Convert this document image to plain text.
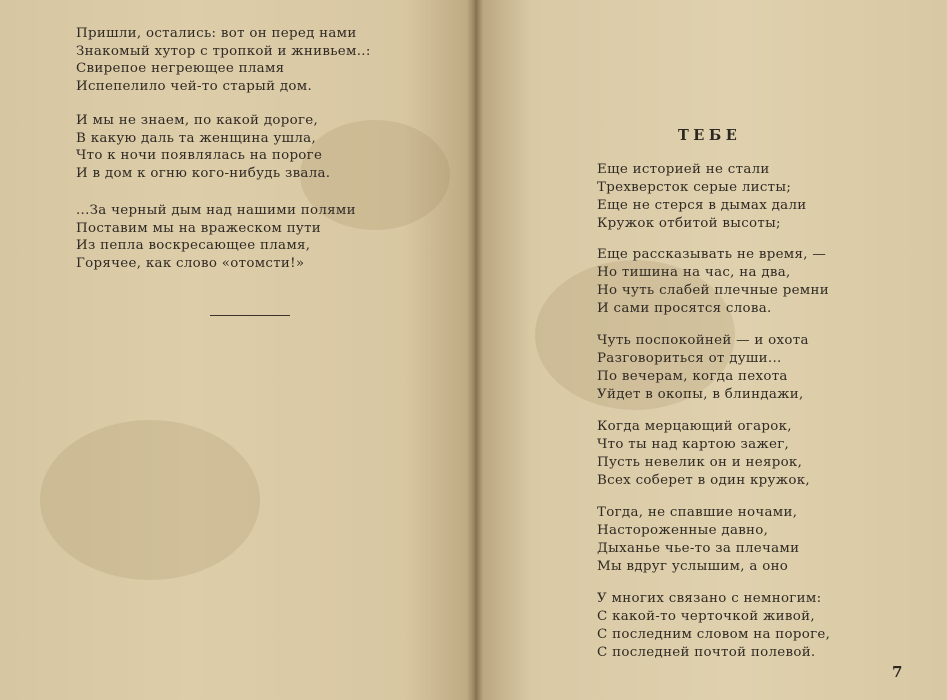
Пришли, остались: вот он перед нами
Знакомый хутор с тропкой и жнивьем..:
Свирепое негреющее пламя
Испепелило чей-то старый дом.
И мы не знаем, по какой дороге,
В какую даль та женщина ушла,
Что к ночи появлялась на пороге
И в дом к огню кого-нибудь звала.
...За черный дым над нашими полями
Поставим мы на вражеском пути
Из пепла воскресающее пламя,
Горячее, как слово «отомсти!»
ТЕБЕ
Еще историей не стали
Трехверсток серые листы;
Еще не стерся в дымах дали
Кружок отбитой высоты;
Еще рассказывать не время, —
Но тишина на час, на два,
Но чуть слабей плечные ремни
И сами просятся слова.
Чуть поспокойней — и охота
Разговориться от души...
По вечерам, когда пехота
Уйдет в окопы, в блиндажи,
Когда мерцающий огарок,
Что ты над картою зажег,
Пусть невелик он и неярок,
Всех соберет в один кружок,
Тогда, не спавшие ночами,
Настороженные давно,
Дыханье чье-то за плечами
Мы вдруг услышим, а оно
У многих связано с немногим:
С какой-то черточкой живой,
С последним словом на пороге,
С последней почтой полевой.
7
